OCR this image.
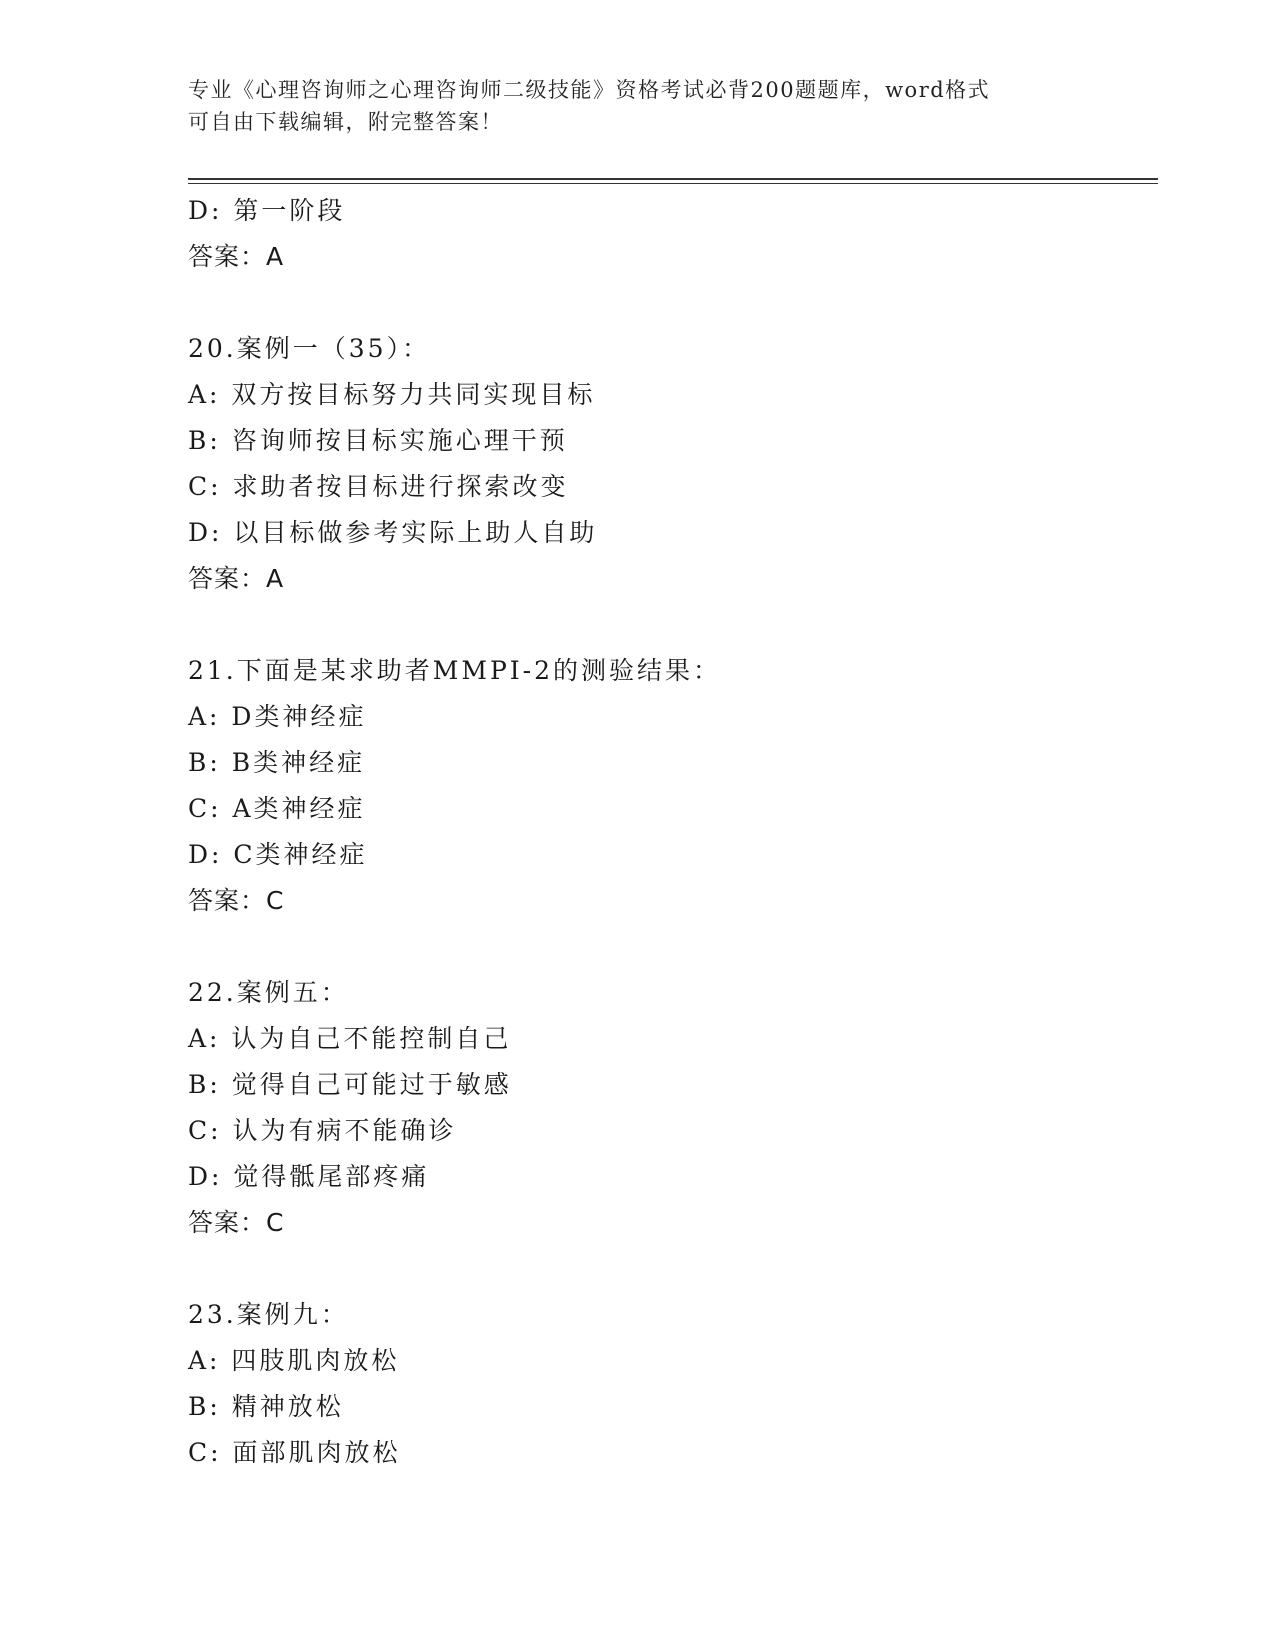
专业《心理咨询师之心理咨询师二级技能》资格考试必背200题题库，word格式
可自由下载编辑，附完整答案！
D: 第一阶段
答案：A
20.案例一（35）：
A: 双方按目标努力共同实现目标
B: 咨询师按目标实施心理干预
C: 求助者按目标进行探索改变
D: 以目标做参考实际上助人自助
答案：A
21.下面是某求助者MMPI-2的测验结果：
A: D类神经症
B: B类神经症
C: A类神经症
D: C类神经症
答案：C
22.案例五：
A: 认为自己不能控制自己
B: 觉得自己可能过于敏感
C: 认为有病不能确诊
D: 觉得骶尾部疼痛
答案：C
23.案例九：
A: 四肢肌肉放松
B: 精神放松
C: 面部肌肉放松
